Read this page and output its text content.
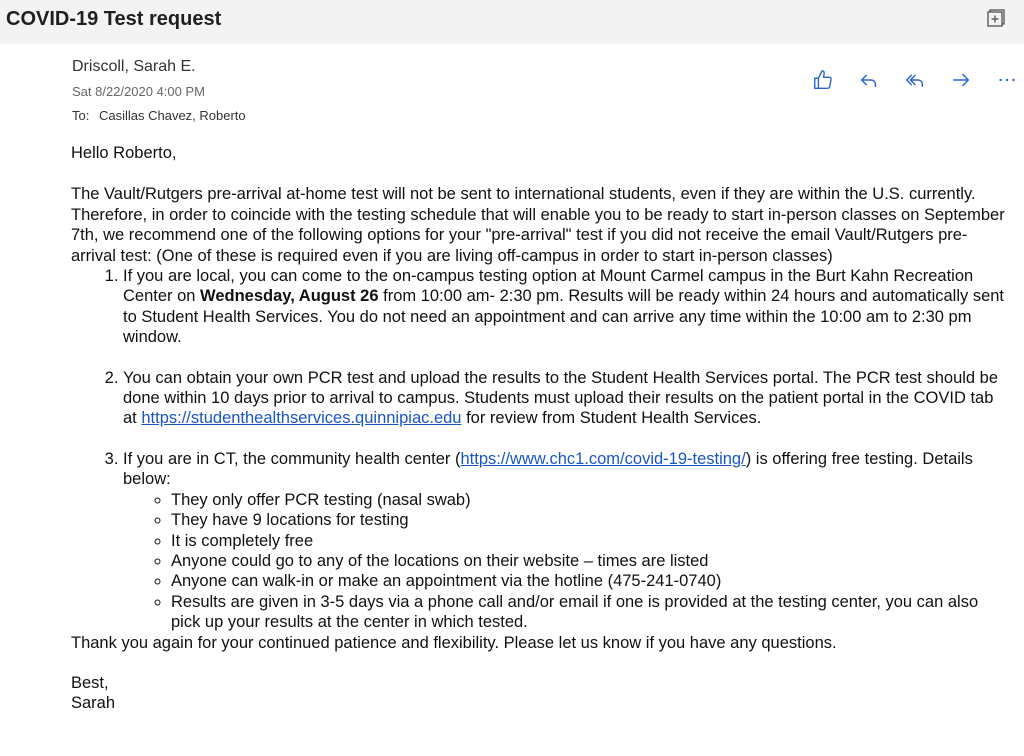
COVID-19 Test request
Driscoll, Sarah E.
Sat 8/22/2020 4:00 PM
To: Casillas Chavez, Roberto

Hello Roberto,

The Vault/Rutgers pre-arrival at-home test will not be sent to international students, even if they are within the U.S. currently. Therefore, in order to coincide with the testing schedule that will enable you to be ready to start in-person classes on September 7th, we recommend one of the following options for your "pre-arrival" test if you did not receive the email Vault/Rutgers pre-arrival test: (One of these is required even if you are living off-campus in order to start in-person classes)

1. If you are local, you can come to the on-campus testing option at Mount Carmel campus in the Burt Kahn Recreation Center on Wednesday, August 26 from 10:00 am- 2:30 pm. Results will be ready within 24 hours and automatically sent to Student Health Services. You do not need an appointment and can arrive any time within the 10:00 am to 2:30 pm window.
2. You can obtain your own PCR test and upload the results to the Student Health Services portal. The PCR test should be done within 10 days prior to arrival to campus. Students must upload their results on the patient portal in the COVID tab at https://studenthealthservices.quinnipiac.edu for review from Student Health Services.
3. If you are in CT, the community health center (https://www.chc1.com/covid-19-testing/) is offering free testing. Details below:
◦ They only offer PCR testing (nasal swab)
◦ They have 9 locations for testing
◦ It is completely free
◦ Anyone could go to any of the locations on their website – times are listed
◦ Anyone can walk-in or make an appointment via the hotline (475-241-0740)
◦ Results are given in 3-5 days via a phone call and/or email if one is provided at the testing center, you can also pick up your results at the center in which tested.

Thank you again for your continued patience and flexibility. Please let us know if you have any questions.

Best,

Sarah
